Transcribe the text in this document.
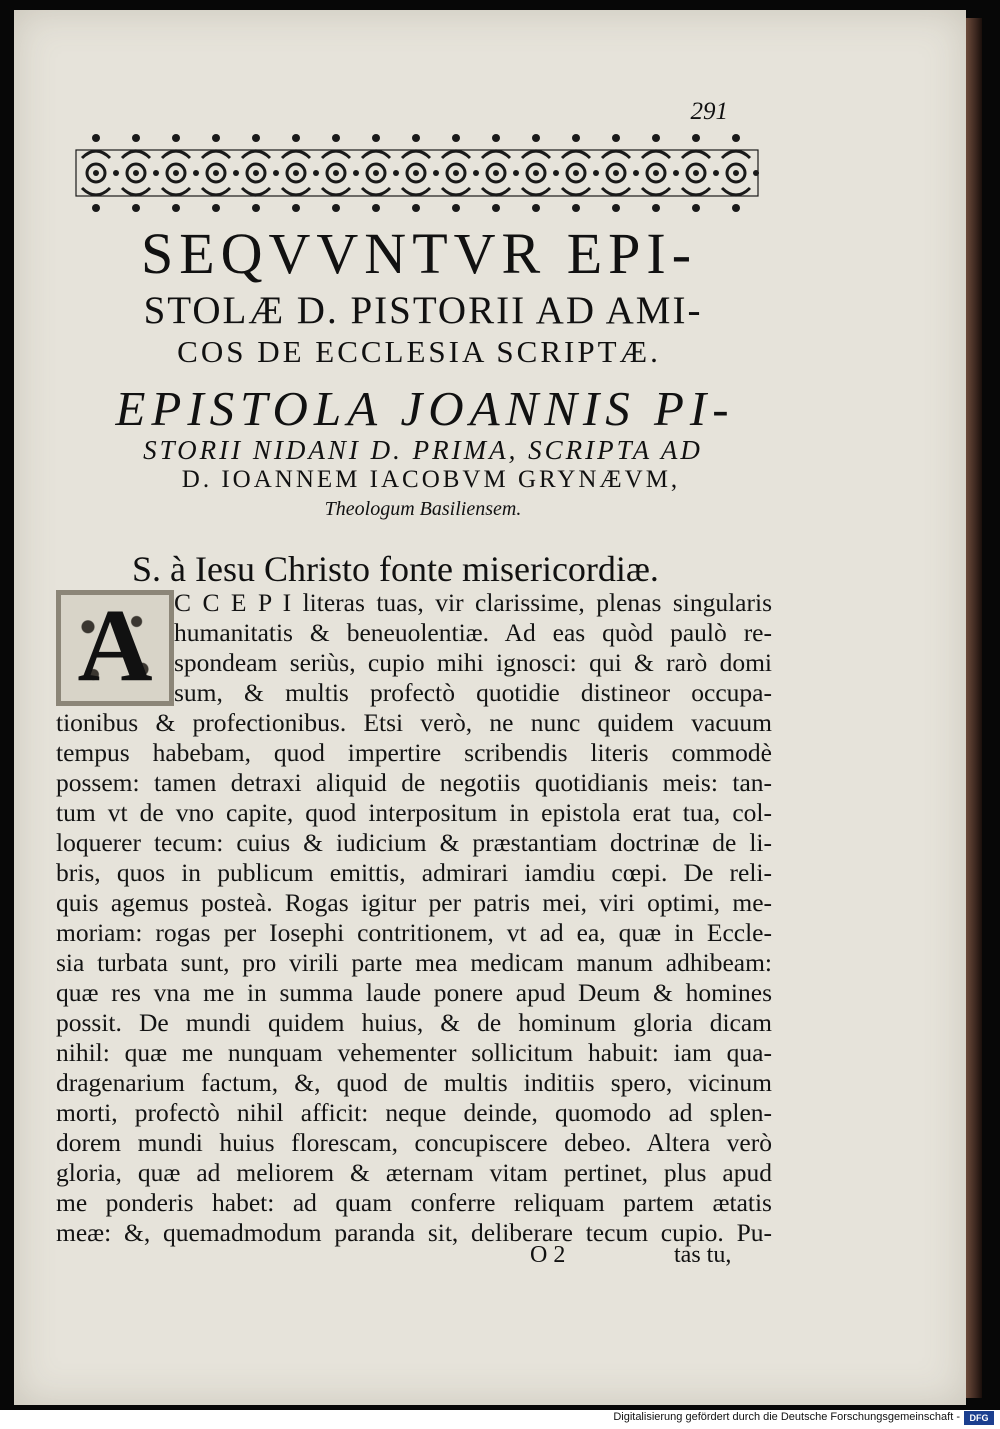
291
SEQVVNTVR EPI-
STOLÆ D. PISTORII AD AMI-
COS DE ECCLESIA SCRIPTÆ.
EPISTOLA JOANNIS PI-
STORII NIDANI D. PRIMA, SCRIPTA AD
D. IOANNEM IACOBVM GRYNÆVM,
Theologum Basiliensem.
S. à Iesu Christo fonte misericordiæ.
A C C E P I literas tuas, vir clarissime, plenas singularis
humanitatis & beneuolentiæ. Ad eas quòd paulò re-
spondeam seriùs, cupio mihi ignosci: qui & rarò domi
sum, & multis profectò quotidie distineor occupa-
tionibus & profectionibus. Etsi verò, ne nunc quidem vacuum
tempus habebam, quod impertire scribendis literis commodè
possem: tamen detraxi aliquid de negotiis quotidianis meis: tan-
tum vt de vno capite, quod interpositum in epistola erat tua, col-
loquerer tecum: cuius & iudicium & præstantiam doctrinæ de li-
bris, quos in publicum emittis, admirari iamdiu cœpi. De reli-
quis agemus posteà. Rogas igitur per patris mei, viri optimi, me-
moriam: rogas per Iosephi contritionem, vt ad ea, quæ in Eccle-
sia turbata sunt, pro virili parte mea medicam manum adhibeam:
quæ res vna me in summa laude ponere apud Deum & homines
possit. De mundi quidem huius, & de hominum gloria dicam
nihil: quæ me nunquam vehementer sollicitum habuit: iam qua-
dragenarium factum, &, quod de multis inditiis spero, vicinum
morti, profectò nihil afficit: neque deinde, quomodo ad splen-
dorem mundi huius florescam, concupiscere debeo. Altera verò
gloria, quæ ad meliorem & æternam vitam pertinet, plus apud
me ponderis habet: ad quam conferre reliquam partem ætatis
meæ: &, quemadmodum paranda sit, deliberare tecum cupio. Pu-
O 2	tas tu,
Digitalisierung gefördert durch die Deutsche Forschungsgemeinschaft -	DFG
